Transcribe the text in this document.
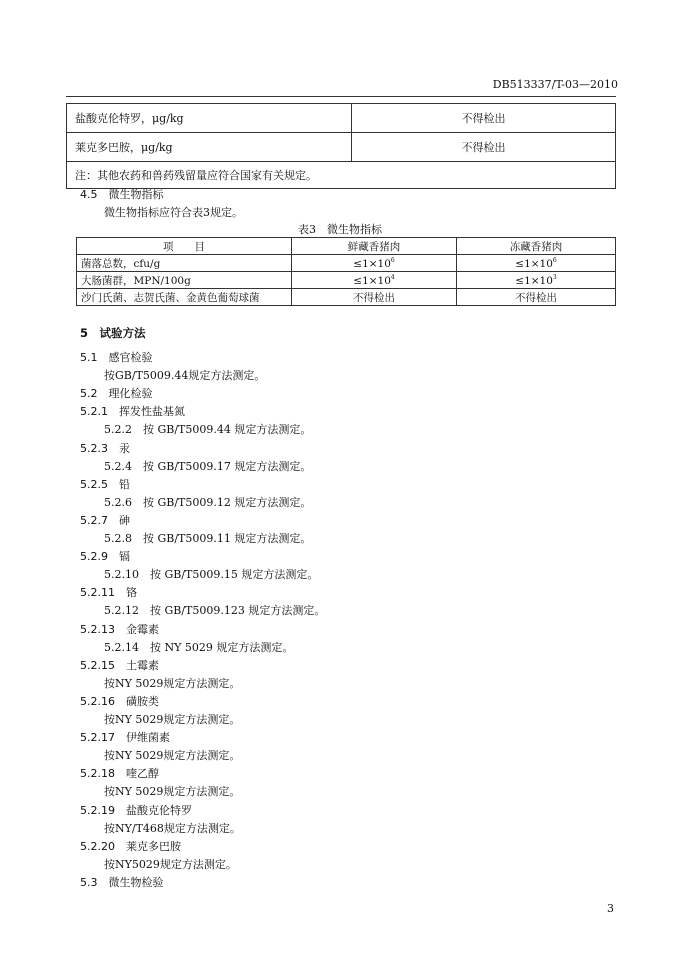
DB513337/T-03—2010
盐酸克伦特罗，μg/kg	不得检出
莱克多巴胺，μg/kg	不得检出
注：其他农药和兽药残留量应符合国家有关规定。	
4.5　微生物指标
微生物指标应符合表3规定。
表3　微生物指标
项　　目	鲜藏香猪肉	冻藏香猪肉
菌落总数，cfu/g	$\le 1\times 10^6$	$\le 1\times 10^6$
大肠菌群，MPN/100g	$\le 1\times 10^4$	$\le 1\times 10^3$
沙门氏菌、志贺氏菌、金黄色葡萄球菌	不得检出	不得检出
5　试验方法
5.1　感官检验
按GB/T5009.44规定方法测定。
5.2　理化检验
5.2.1　挥发性盐基氮
5.2.2　按 GB/T5009.44 规定方法测定。
5.2.3　汞
5.2.4　按 GB/T5009.17 规定方法测定。
5.2.5　铅
5.2.6　按 GB/T5009.12 规定方法测定。
5.2.7　砷
5.2.8　按 GB/T5009.11 规定方法测定。
5.2.9　镉
5.2.10　按 GB/T5009.15 规定方法测定。
5.2.11　铬
5.2.12　按 GB/T5009.123 规定方法测定。
5.2.13　金霉素
5.2.14　按 NY 5029 规定方法测定。
5.2.15　土霉素
按NY 5029规定方法测定。
5.2.16　磺胺类
按NY 5029规定方法测定。
5.2.17　伊维菌素
按NY 5029规定方法测定。
5.2.18　喹乙醇
按NY 5029规定方法测定。
5.2.19　盐酸克伦特罗
按NY/T468规定方法测定。
5.2.20　莱克多巴胺
按NY5029规定方法测定。
5.3　微生物检验
3
